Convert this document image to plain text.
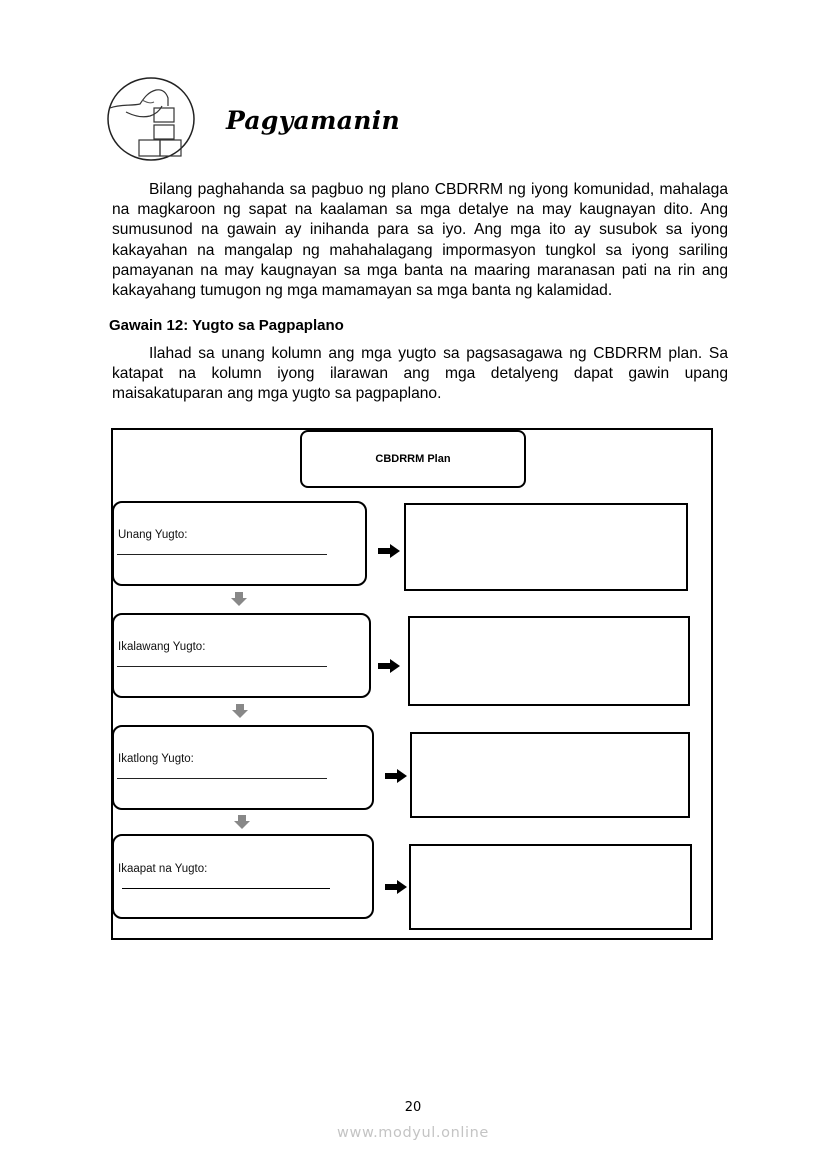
Pagyamanin
Bilang paghahanda sa pagbuo ng plano CBDRRM ng iyong komunidad, mahalaga na magkaroon ng sapat na kaalaman sa mga detalye na may kaugnayan dito. Ang sumusunod na gawain ay inihanda para sa iyo. Ang mga ito ay susubok sa iyong kakayahan na mangalap ng mahahalagang impormasyon tungkol sa iyong sariling pamayanan na may kaugnayan sa mga banta na maaring maranasan pati na rin ang kakayahang tumugon ng mga mamamayan sa mga banta ng kalamidad.
Gawain 12: Yugto sa Pagpaplano
Ilahad sa unang kolumn ang mga yugto sa pagsasagawa ng CBDRRM plan. Sa katapat na kolumn iyong ilarawan ang mga detalyeng dapat gawin upang maisakatuparan ang mga yugto sa pagpaplano.
CBDRRM Plan
Unang Yugto:
Ikalawang Yugto:
Ikatlong Yugto:
Ikaapat na Yugto:
20
www.modyul.online
